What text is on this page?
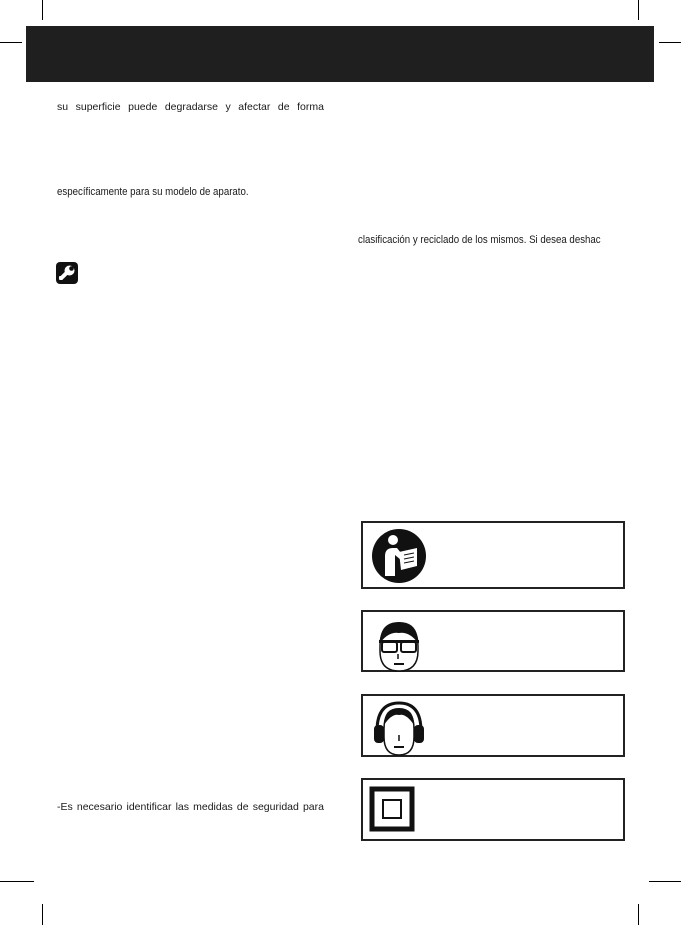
su superficie puede degradarse y afectar de forma
específicamente para su modelo de aparato.
clasificación y reciclado de los mismos. Si desea deshac
-Es necesario identificar las medidas de seguridad para
